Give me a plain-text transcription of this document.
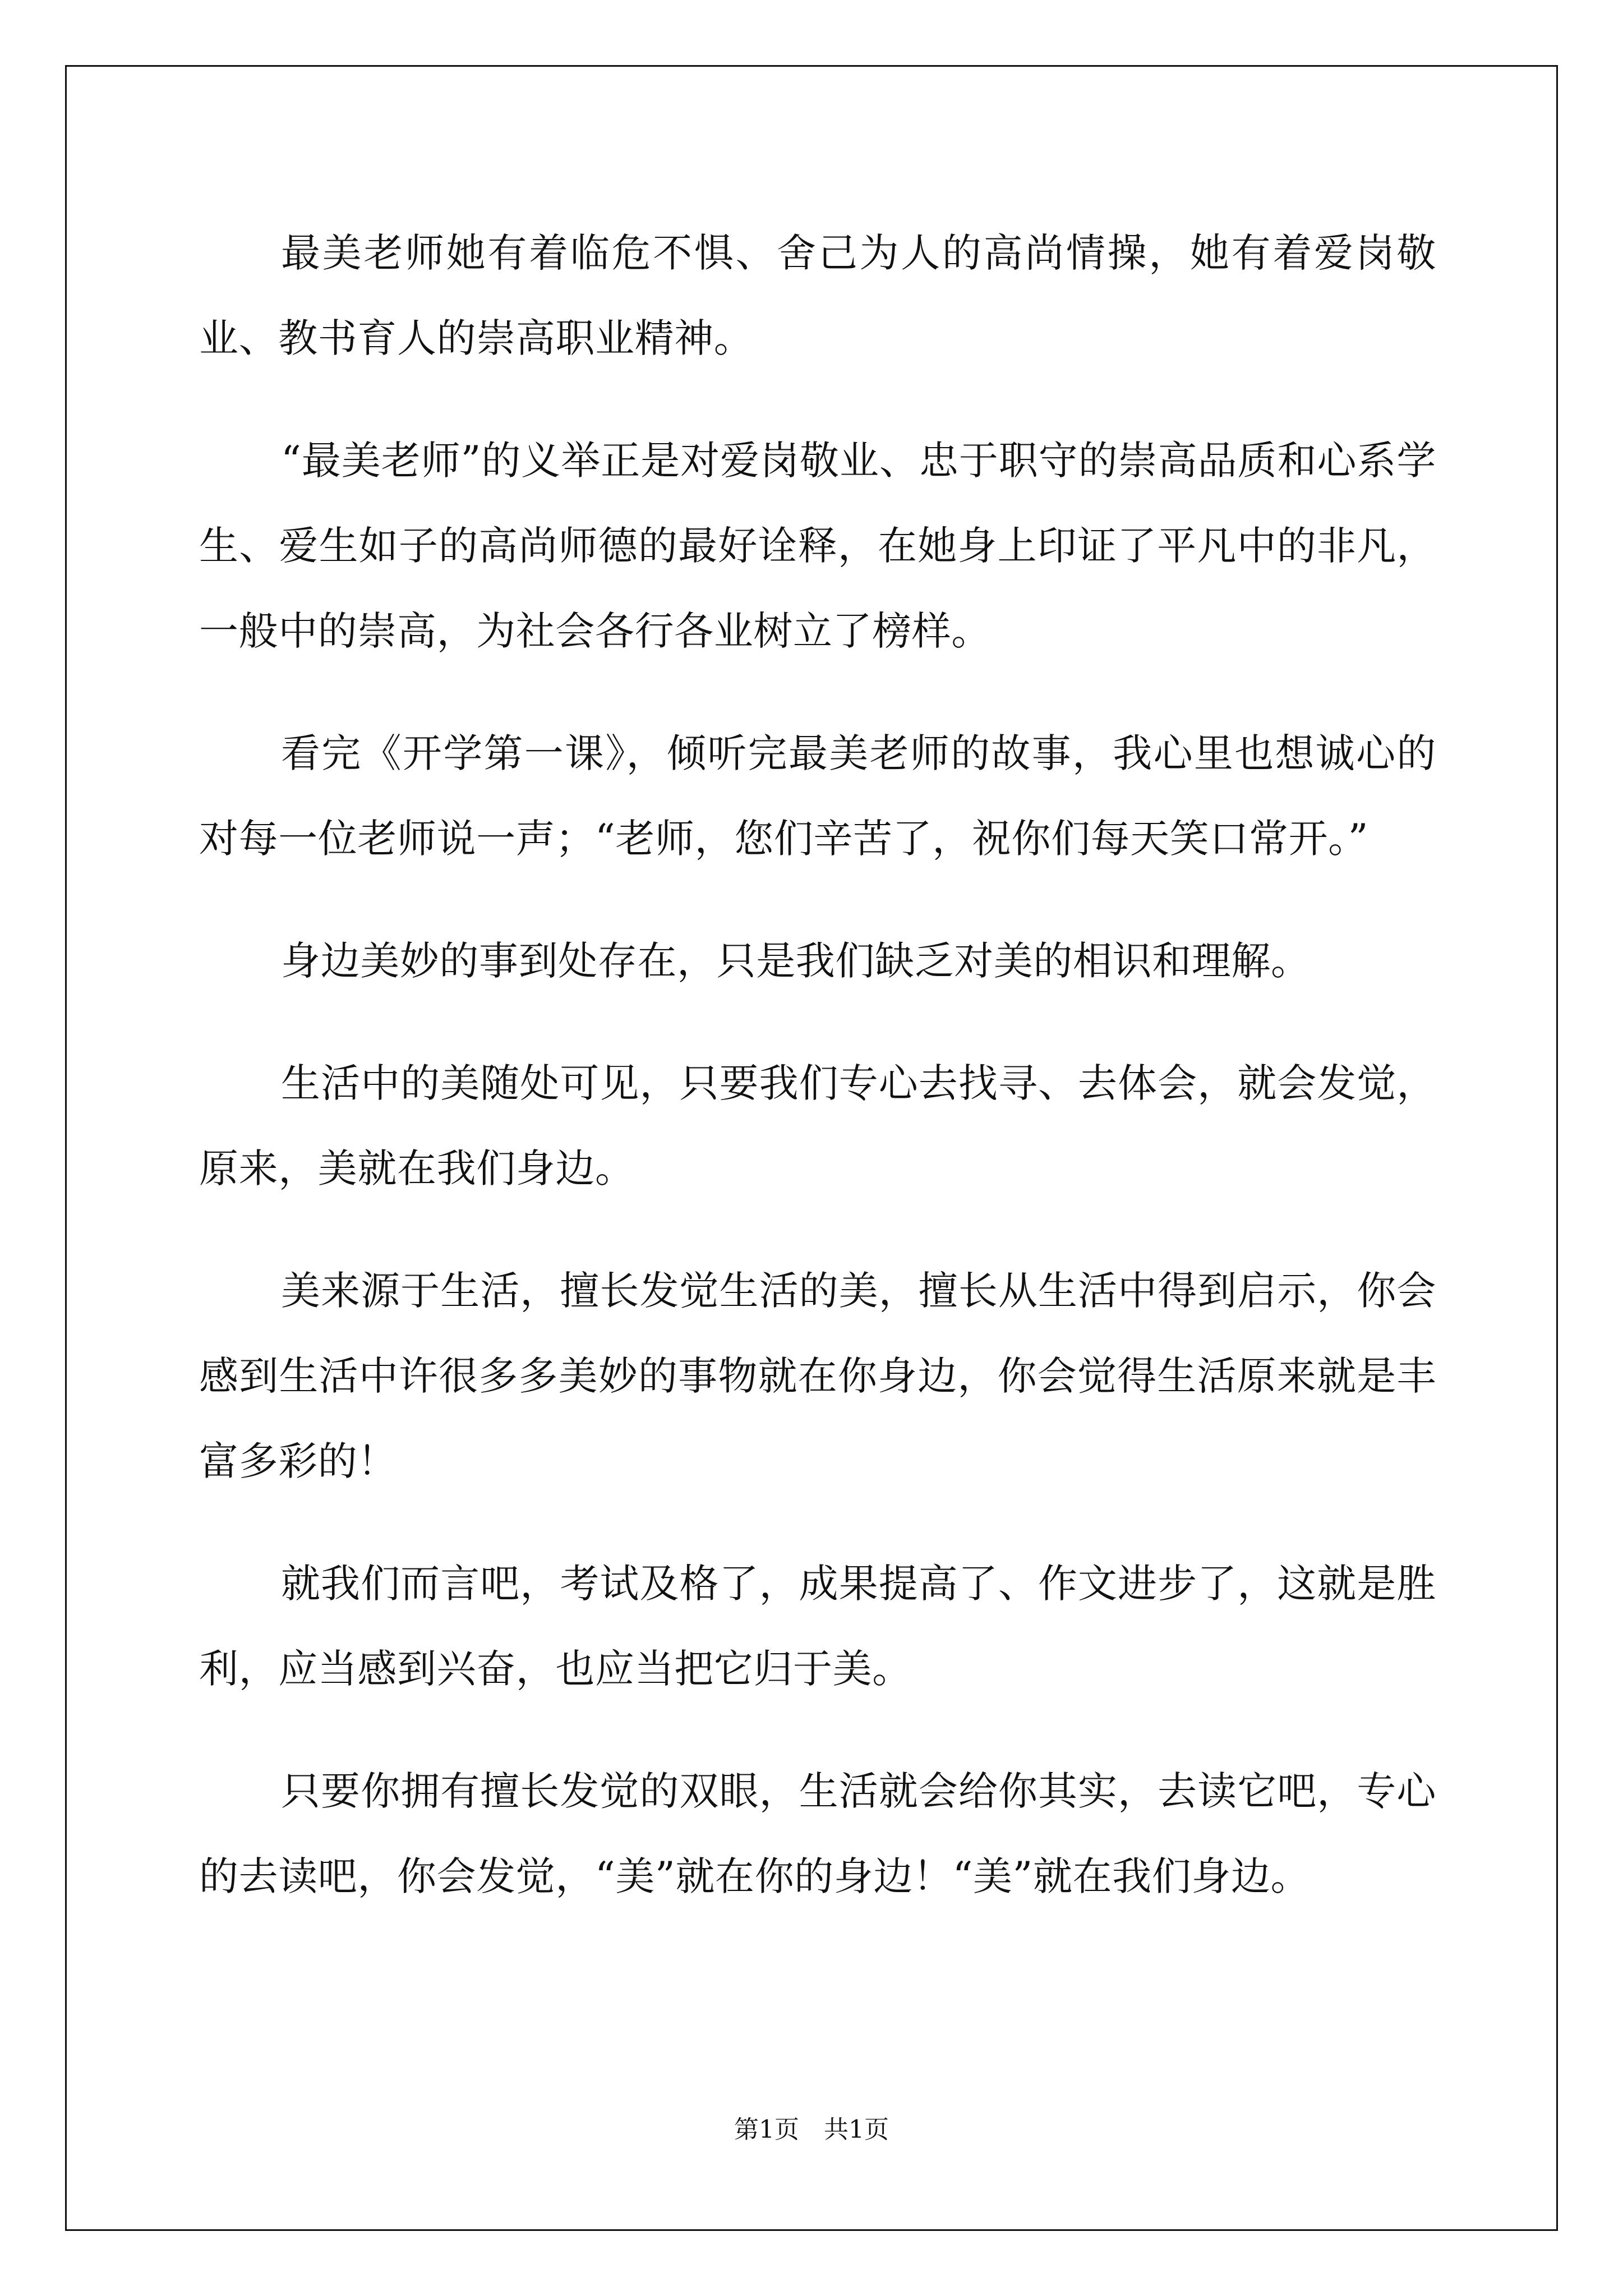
最美老师她有着临危不惧、舍己为人的高尚情操，她有着爱岗敬业、教书育人的崇高职业精神。

“最美老师”的义举正是对爱岗敬业、忠于职守的崇高品质和心系学生、爱生如子的高尚师德的最好诠释，在她身上印证了平凡中的非凡，一般中的崇高，为社会各行各业树立了榜样。

看完《开学第一课》，倾听完最美老师的故事，我心里也想诚心的对每一位老师说一声；“老师，您们辛苦了，祝你们每天笑口常开。”

身边美妙的事到处存在，只是我们缺乏对美的相识和理解。

生活中的美随处可见，只要我们专心去找寻、去体会，就会发觉，原来，美就在我们身边。

美来源于生活，擅长发觉生活的美，擅长从生活中得到启示，你会感到生活中许很多多美妙的事物就在你身边，你会觉得生活原来就是丰富多彩的！

就我们而言吧，考试及格了，成果提高了、作文进步了，这就是胜利，应当感到兴奋，也应当把它归于美。

只要你拥有擅长发觉的双眼，生活就会给你其实，去读它吧，专心的去读吧，你会发觉，“美”就在你的身边！“美”就在我们身边。

第1页　共1页
